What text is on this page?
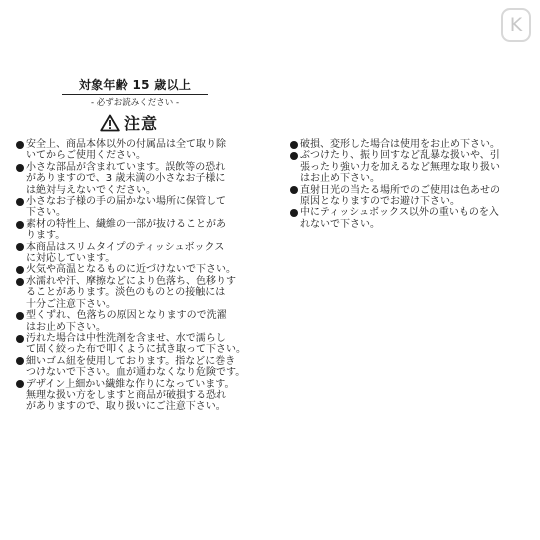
K
対象年齢 15 歳以上
- 必ずお読みください -
注意
安全上、商品本体以外の付属品は全て取り除
いてからご使用ください。
小さな部品が含まれています。誤飲等の恐れ
がありますので、3 歳未満の小さなお子様に
は絶対与えないでください。
小さなお子様の手の届かない場所に保管して
下さい。
素材の特性上、繊維の一部が抜けることがあ
ります。
本商品はスリムタイプのティッシュボックス
に対応しています。
火気や高温となるものに近づけないで下さい。
水濡れや汗、摩擦などにより色落ち、色移りす
ることがあります。淡色のものとの接触には
十分ご注意下さい。
型くずれ、色落ちの原因となりますので洗濯
はお止め下さい。
汚れた場合は中性洗剤を含ませ、水で濡らし
て固く絞った布で叩くように拭き取って下さい。
細いゴム紐を使用しております。指などに巻き
つけないで下さい。血が通わなくなり危険です。
デザイン上細かい繊維な作りになっています。
無理な扱い方をしますと商品が破損する恐れ
がありますので、取り扱いにご注意下さい。
破損、変形した場合は使用をお止め下さい。
ぶつけたり、振り回すなど乱暴な扱いや、引
張ったり強い力を加えるなど無理な取り扱い
はお止め下さい。
直射日光の当たる場所でのご使用は色あせの
原因となりますのでお避け下さい。
中にティッシュボックス以外の重いものを入
れないで下さい。
